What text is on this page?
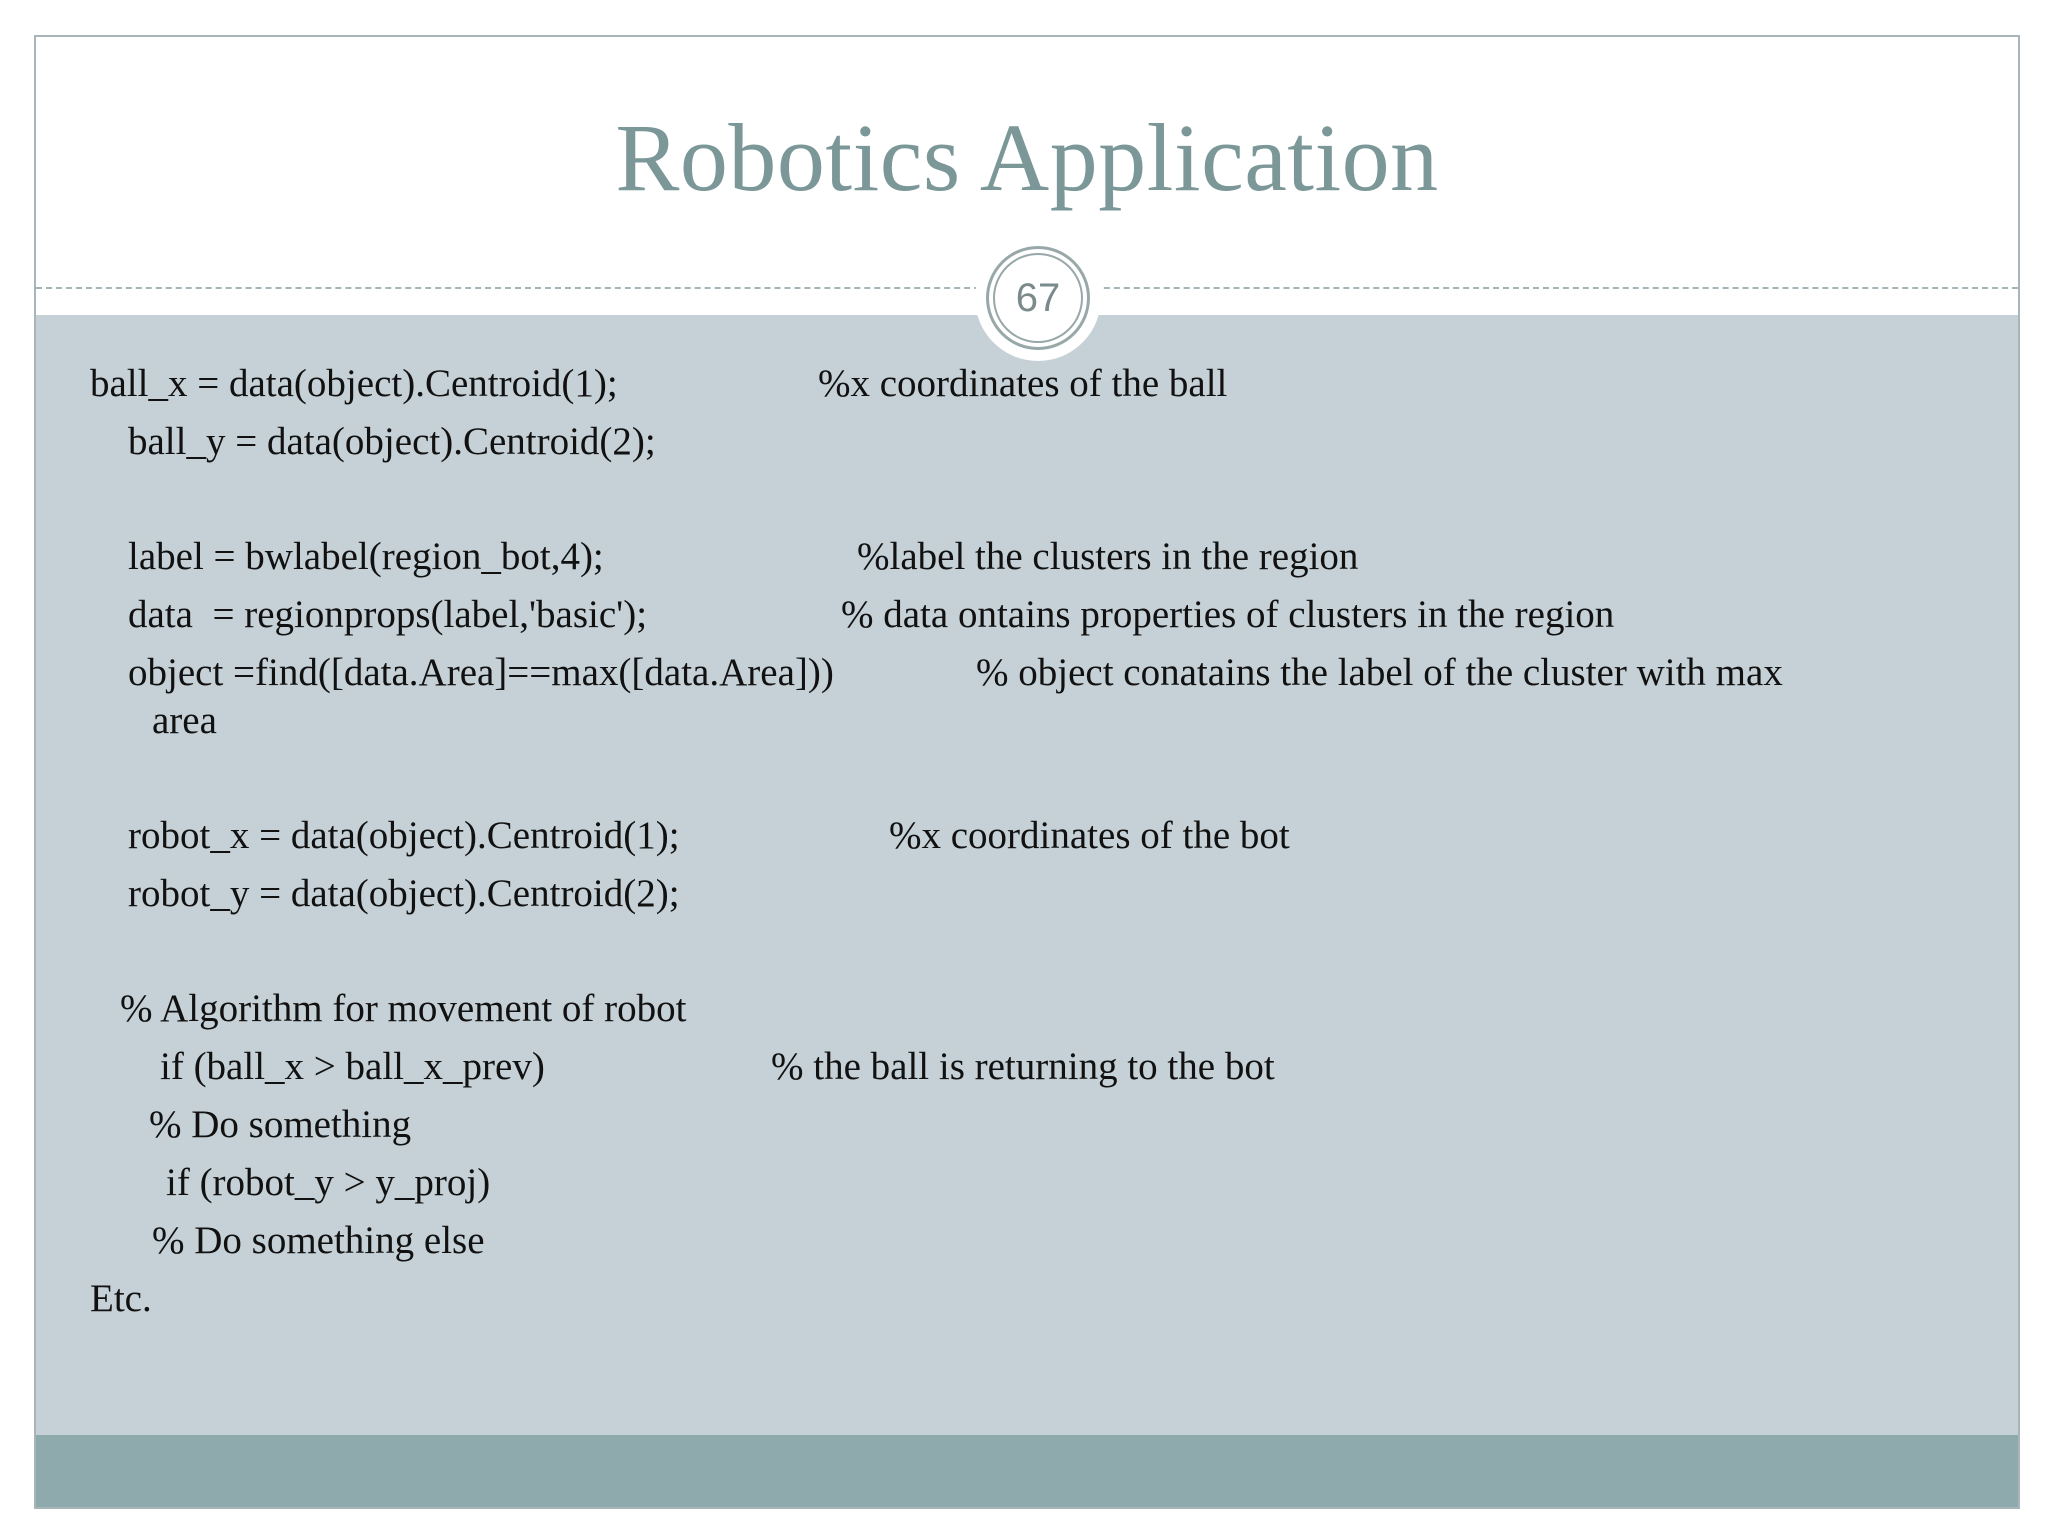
Robotics Application
67
ball_x = data(object).Centroid(1);	%x coordinates of the ball
ball_y = data(object).Centroid(2);
label = bwlabel(region_bot,4);	%label the clusters in the region
data  = regionprops(label,'basic');	% data ontains properties of clusters in the region
object =find([data.Area]==max([data.Area]))	% object conatains the label of the cluster with max
area
robot_x = data(object).Centroid(1);	%x coordinates of the bot
robot_y = data(object).Centroid(2);
% Algorithm for movement of robot
if (ball_x > ball_x_prev)	% the ball is returning to the bot
% Do something
if (robot_y > y_proj)
% Do something else
Etc.
